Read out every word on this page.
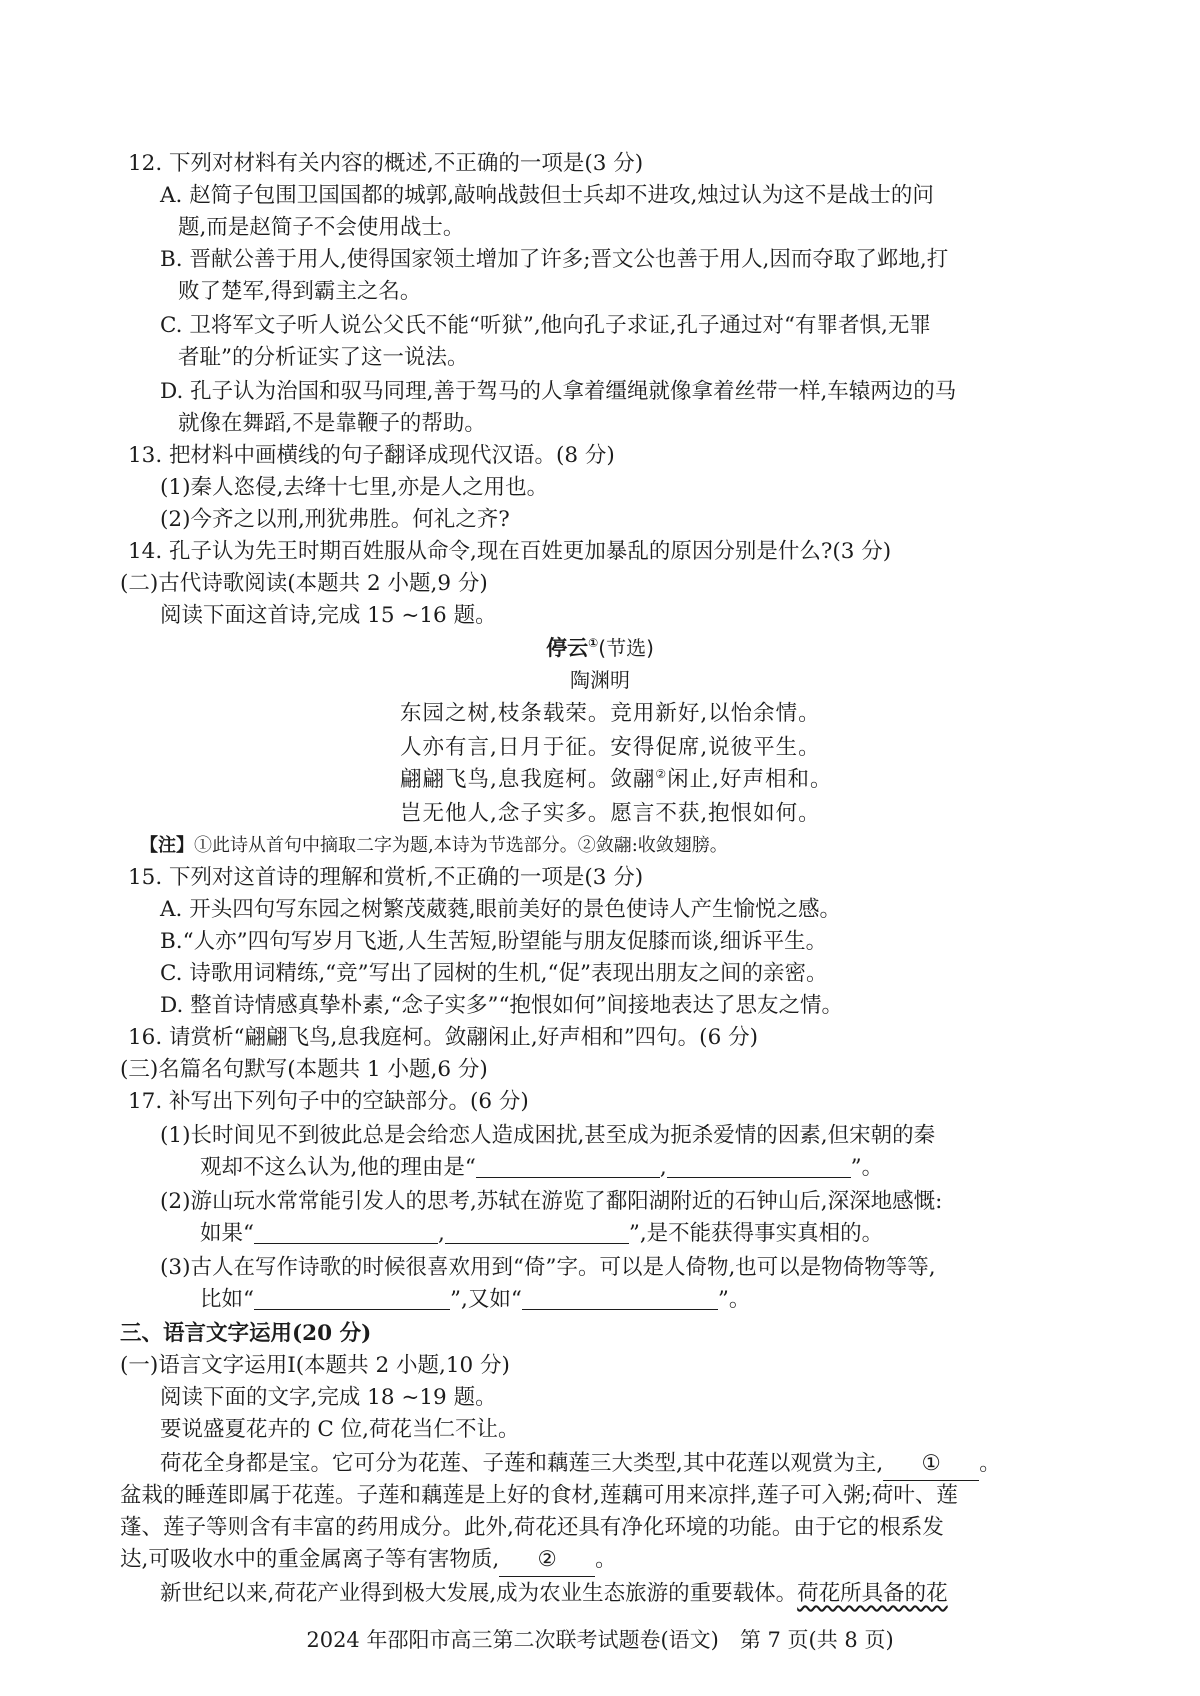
12. 下列对材料有关内容的概述,不正确的一项是(3 分)
A. 赵简子包围卫国国都的城郭,敲响战鼓但士兵却不进攻,烛过认为这不是战士的问
题,而是赵简子不会使用战士。
B. 晋献公善于用人,使得国家领土增加了许多;晋文公也善于用人,因而夺取了邺地,打
败了楚军,得到霸主之名。
C. 卫将军文子听人说公父氏不能“听狱”,他向孔子求证,孔子通过对“有罪者惧,无罪
者耻”的分析证实了这一说法。
D. 孔子认为治国和驭马同理,善于驾马的人拿着缰绳就像拿着丝带一样,车辕两边的马
就像在舞蹈,不是靠鞭子的帮助。
13. 把材料中画横线的句子翻译成现代汉语。(8 分)
(1)秦人恣侵,去绛十七里,亦是人之用也。
(2)今齐之以刑,刑犹弗胜。何礼之齐?
14. 孔子认为先王时期百姓服从命令,现在百姓更加暴乱的原因分别是什么?(3 分)
(二)古代诗歌阅读(本题共 2 小题,9 分)
阅读下面这首诗,完成 15 ~16 题。
停云①(节选)
陶渊明
东园之树,枝条载荣。竞用新好,以怡余情。
人亦有言,日月于征。安得促席,说彼平生。
翩翩飞鸟,息我庭柯。敛翮②闲止,好声相和。
岂无他人,念子实多。愿言不获,抱恨如何。
【注】①此诗从首句中摘取二字为题,本诗为节选部分。②敛翮:收敛翅膀。
15. 下列对这首诗的理解和赏析,不正确的一项是(3 分)
A. 开头四句写东园之树繁茂葳蕤,眼前美好的景色使诗人产生愉悦之感。
B.“人亦”四句写岁月飞逝,人生苦短,盼望能与朋友促膝而谈,细诉平生。
C. 诗歌用词精练,“竞”写出了园树的生机,“促”表现出朋友之间的亲密。
D. 整首诗情感真挚朴素,“念子实多”“抱恨如何”间接地表达了思友之情。
16. 请赏析“翩翩飞鸟,息我庭柯。敛翮闲止,好声相和”四句。(6 分)
(三)名篇名句默写(本题共 1 小题,6 分)
17. 补写出下列句子中的空缺部分。(6 分)
(1)长时间见不到彼此总是会给恋人造成困扰,甚至成为扼杀爱情的因素,但宋朝的秦
观却不这么认为,他的理由是“	,	”。
(2)游山玩水常常能引发人的思考,苏轼在游览了鄱阳湖附近的石钟山后,深深地感慨:
如果“	,	”,是不能获得事实真相的。
(3)古人在写作诗歌的时候很喜欢用到“倚”字。可以是人倚物,也可以是物倚物等等,
比如“	”,又如“	”。
三、语言文字运用(20 分)
(一)语言文字运用Ⅰ(本题共 2 小题,10 分)
阅读下面的文字,完成 18 ~19 题。
要说盛夏花卉的 C 位,荷花当仁不让。
荷花全身都是宝。它可分为花莲、子莲和藕莲三大类型,其中花莲以观赏为主, ① 。
盆栽的睡莲即属于花莲。子莲和藕莲是上好的食材,莲藕可用来凉拌,莲子可入粥;荷叶、莲
蓬、莲子等则含有丰富的药用成分。此外,荷花还具有净化环境的功能。由于它的根系发
达,可吸收水中的重金属离子等有害物质, ② 。
新世纪以来,荷花产业得到极大发展,成为农业生态旅游的重要载体。荷花所具备的花
2024 年邵阳市高三第二次联考试题卷(语文)　第 7 页(共 8 页)
